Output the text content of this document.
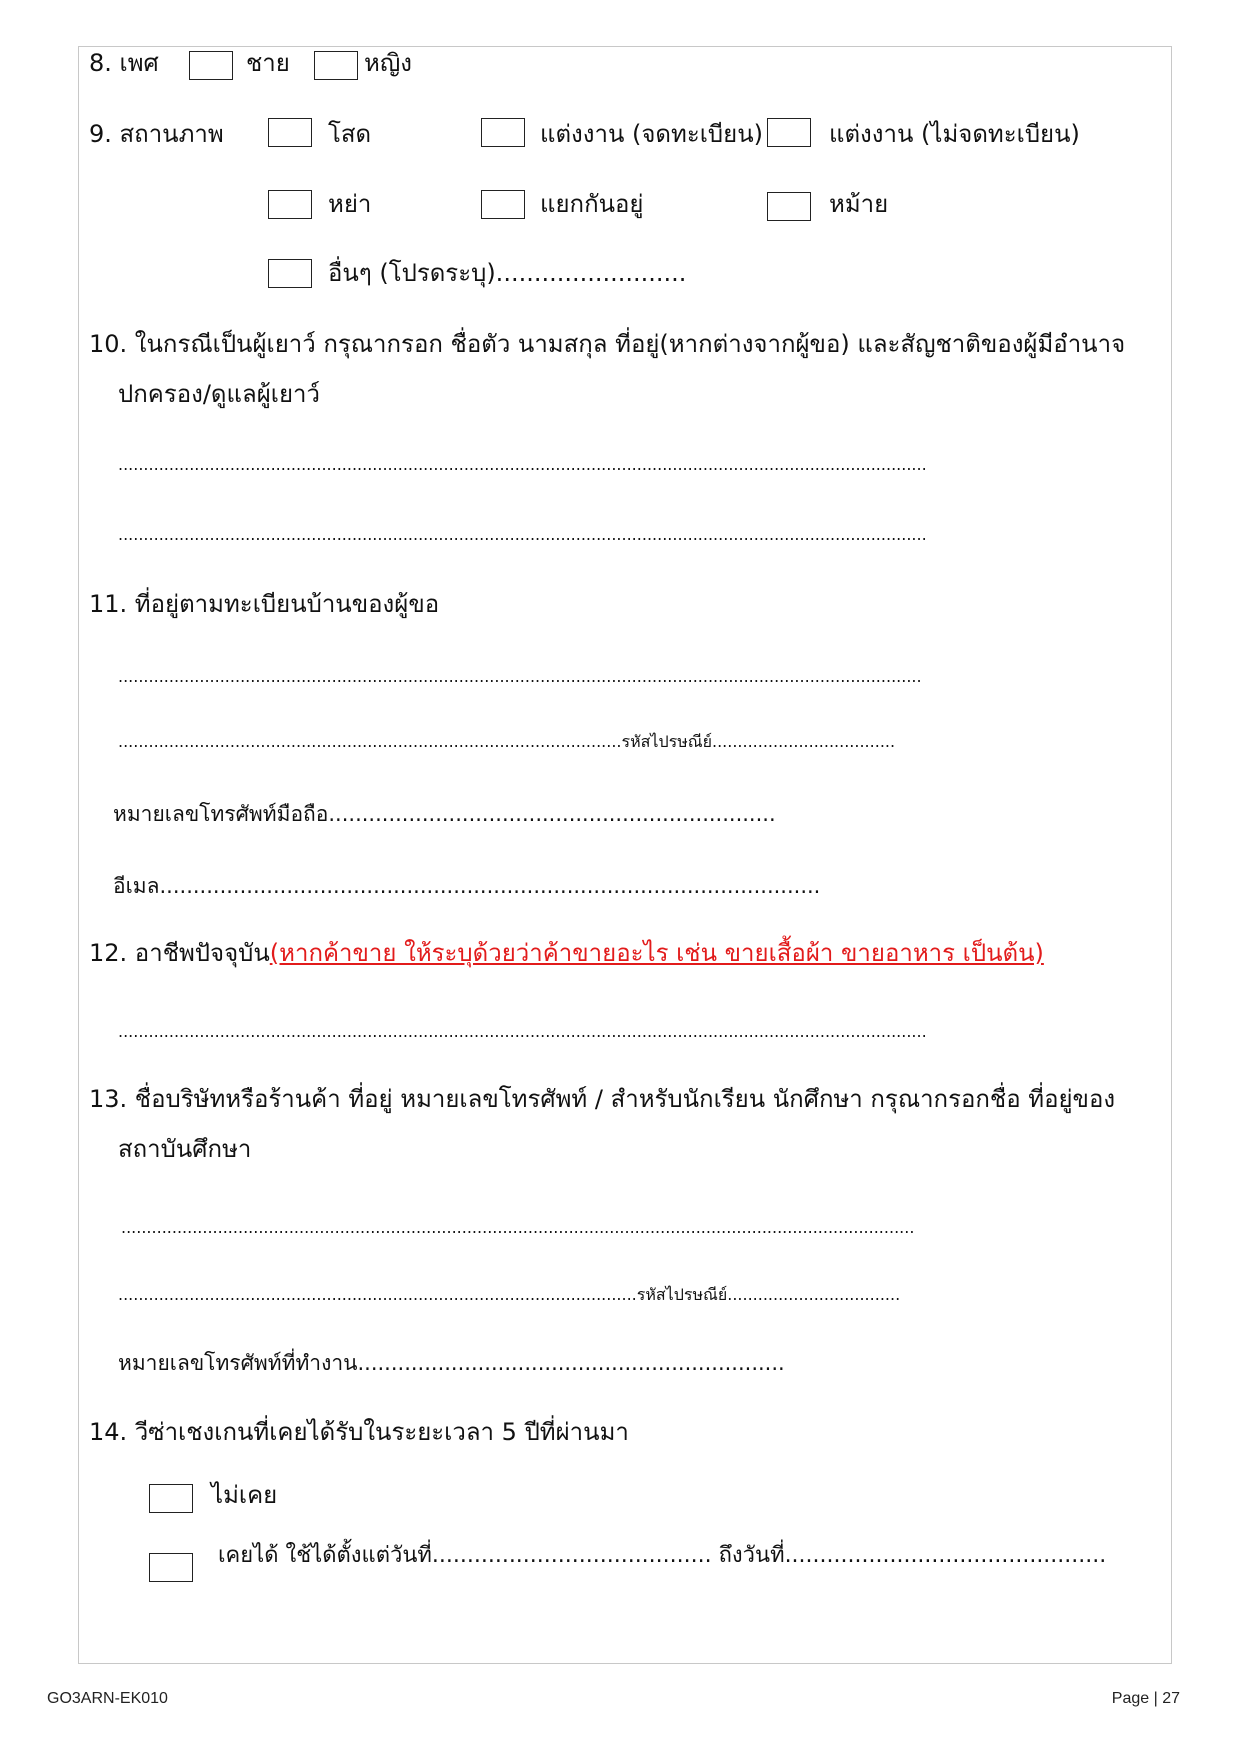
8. เพศ	ชาย	หญิง
9. สถานภาพ	โสด	แต่งงาน (จดทะเบียน)	แต่งงาน (ไม่จดทะเบียน)
หย่า	แยกกันอยู่	หม้าย
อื่นๆ (โปรดระบุ).........................
10. ในกรณีเป็นผู้เยาว์ กรุณากรอก ชื่อตัว นามสกุล ที่อยู่(หากต่างจากผู้ขอ) และสัญชาติของผู้มีอำนาจ
ปกครอง/ดูแลผู้เยาว์
...............................................................................................................................................................
...............................................................................................................................................................
11. ที่อยู่ตามทะเบียนบ้านของผู้ขอ
..............................................................................................................................................................
...................................................................................................รหัสไปรษณีย์....................................
หมายเลขโทรศัพท์มือถือ...................................................................
อีเมล...................................................................................................
12. อาชีพปัจจุบัน(หากค้าขาย ให้ระบุด้วยว่าค้าขายอะไร เช่น ขายเสื้อผ้า ขายอาหาร เป็นต้น)
...............................................................................................................................................................
13. ชื่อบริษัทหรือร้านค้า ที่อยู่ หมายเลขโทรศัพท์ / สำหรับนักเรียน นักศึกษา กรุณากรอกชื่อ ที่อยู่ของ
สถาบันศึกษา
............................................................................................................................................................
......................................................................................................รหัสไปรษณีย์..................................
หมายเลขโทรศัพท์ที่ทำงาน................................................................
14. วีซ่าเชงเกนที่เคยได้รับในระยะเวลา 5 ปีที่ผ่านมา
ไม่เคย
เคยได้ ใช้ได้ตั้งแต่วันที่........................................ ถึงวันที่..............................................
GO3ARN-EK010	Page | 27
